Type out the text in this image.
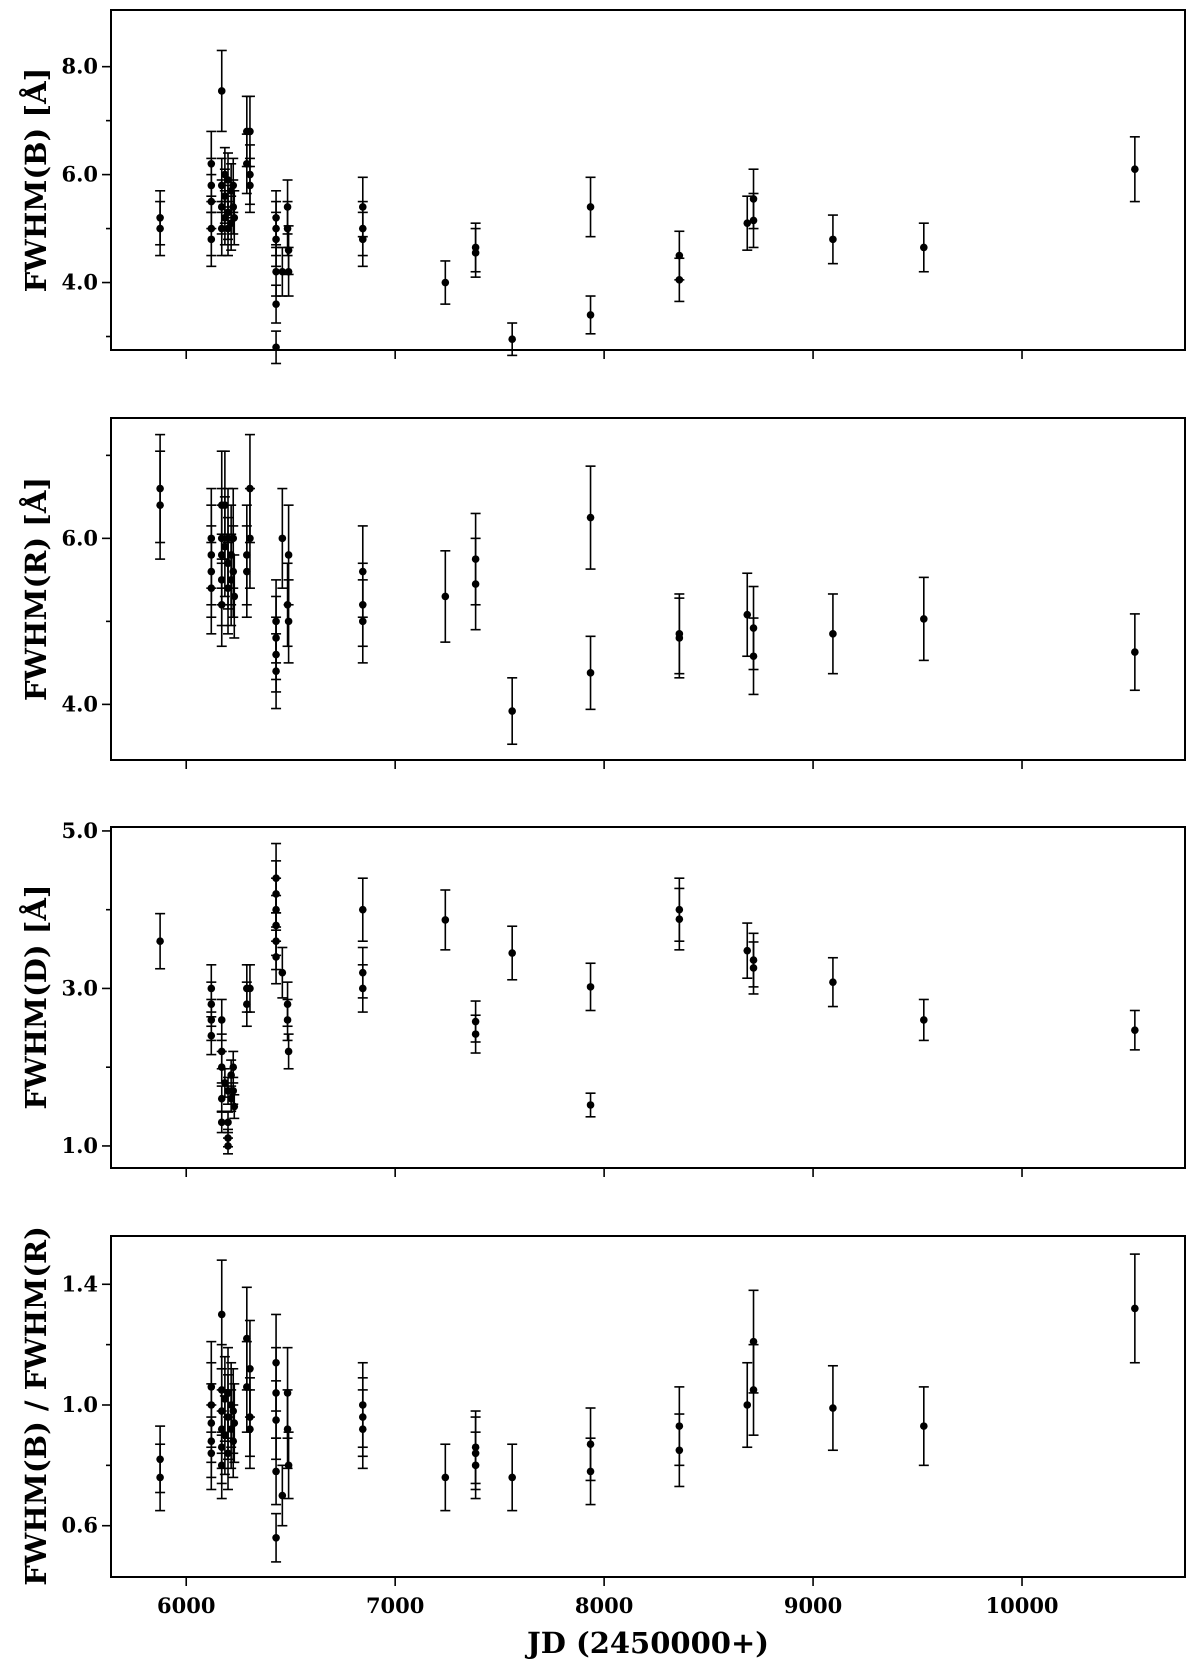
FWHM(B) [Å] 4.0
6.0
8.0
FWHM(R) [Å]
4.0
6.0
FWHM(D) [Å]
1.0
3.0
5.0
FWHM(B) / FWHM(R)
JD (2450000+)
0.6
1.0
1.4
6000	7000	8000	9000	10000
